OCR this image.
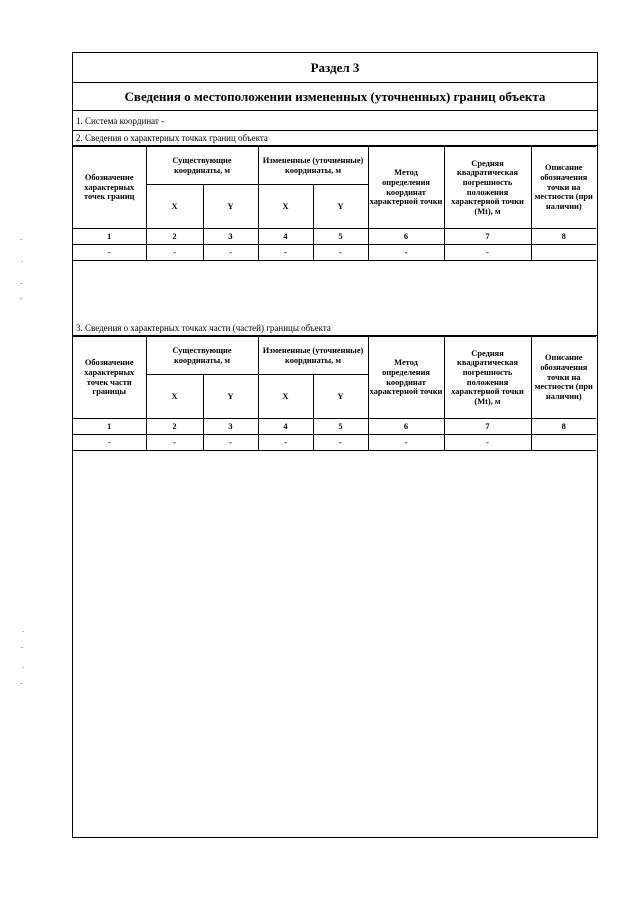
Раздел 3
Сведения о местоположении измененных (уточненных) границ объекта
1. Система координат -
2. Сведения о характерных точках границ объекта
Обозначение характерных точек границ	Существующие координаты, м		Измененные (уточненные) координаты, м		Метод определения координат характерной точки	Средняя квадратическая погрешность положения характерной точки (Mt), м	Описание обозначения точки на местности (при наличии)
	X	Y	X	Y			
1	2	3	4	5	6	7	8
-	-	-	-	-	-	-	
3. Сведения о характерных точках части (частей) границы объекта
Обозначение характерных точек части границы	Существующие координаты, м		Измененные (уточненные) координаты, м		Метод определения координат характерной точки	Средняя квадратическая погрешность положения характерной точки (Mt), м	Описание обозначения точки на местности (при наличии)
	X	Y	X	Y			
1	2	3	4	5	6	7	8
-	-	-	-	-	-	-	
ˉ
·
ˉ
ˉ
·
ˉ
·
ˉ
